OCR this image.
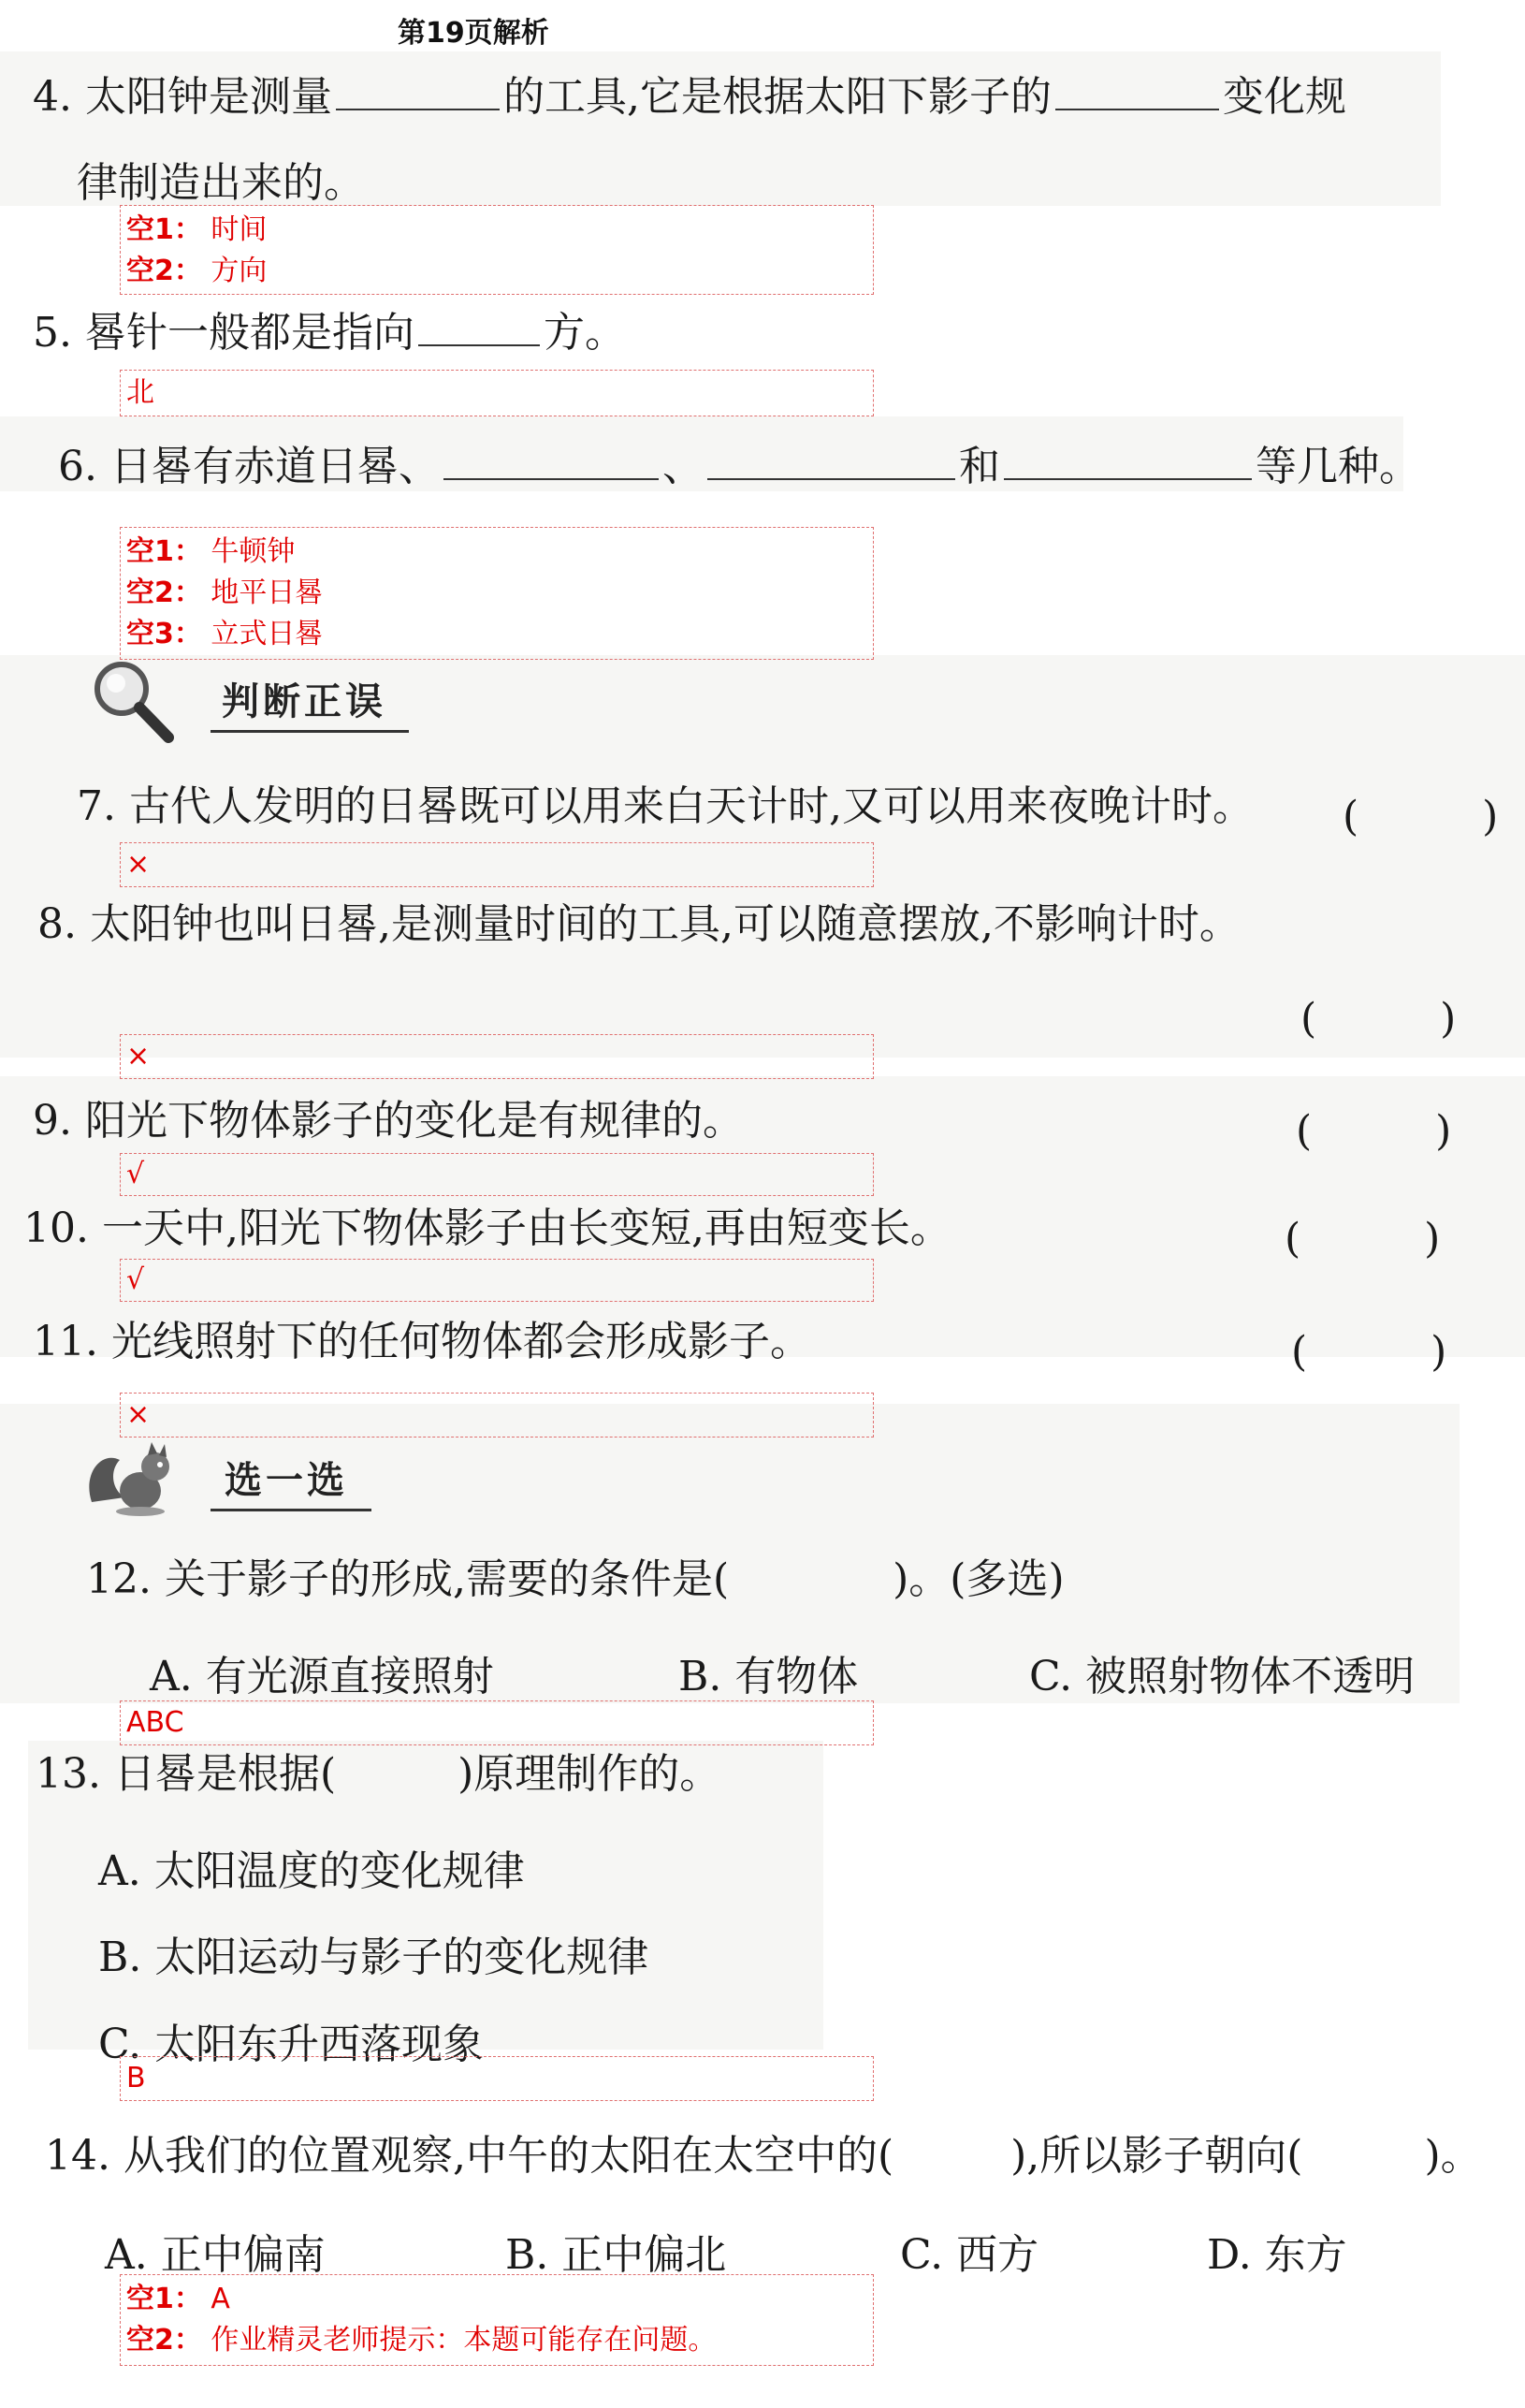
第19页解析
4. 太阳钟是测量	的工具,它是根据太阳下影子的	变化规
律制造出来的。
空1： 时间
空2： 方向
5. 晷针一般都是指向	方。
北
6. 日晷有赤道日晷、	、	和	等几种。
空1： 牛顿钟
空2： 地平日晷
空3： 立式日晷
判断正误
7. 古代人发明的日晷既可以用来白天计时,又可以用来夜晚计时。 (　　　)
×
8. 太阳钟也叫日晷,是测量时间的工具,可以随意摆放,不影响计时。
(　　　)
×
9. 阳光下物体影子的变化是有规律的。	(　　　)
√
10. 一天中,阳光下物体影子由长变短,再由短变长。	(　　　)
√
11. 光线照射下的任何物体都会形成影子。	(　　　)
×
选一选
12. 关于影子的形成,需要的条件是(	)。(多选)
A. 有光源直接照射	B. 有物体	C. 被照射物体不透明
ABC
13. 日晷是根据(	)原理制作的。
A. 太阳温度的变化规律
B. 太阳运动与影子的变化规律
C. 太阳东升西落现象
B
14. 从我们的位置观察,中午的太阳在太空中的(	),所以影子朝向(	)。
A. 正中偏南	B. 正中偏北	C. 西方	D. 东方
空1： A
空2： 作业精灵老师提示：本题可能存在问题。
